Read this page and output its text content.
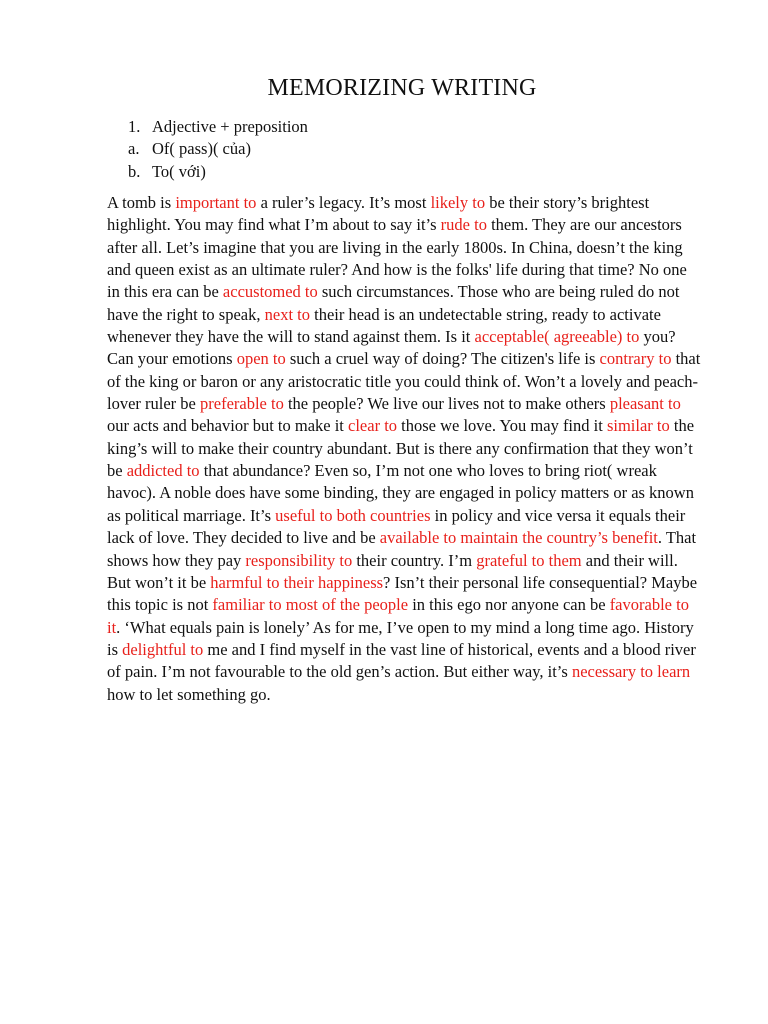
MEMORIZING WRITING
1. Adjective + preposition
a. Of( pass)( của)
b. To( với)

A tomb is important to a ruler’s legacy. It’s most likely to be their story’s brightest highlight. You may find what I’m about to say it’s rude to them. They are our ancestors after all. Let’s imagine that you are living in the early 1800s. In China, doesn’t the king and queen exist as an ultimate ruler? And how is the folks' life during that time? No one in this era can be accustomed to such circumstances. Those who are being ruled do not have the right to speak, next to their head is an undetectable string, ready to activate whenever they have the will to stand against them. Is it acceptable( agreeable) to you? Can your emotions open to such a cruel way of doing? The citizen's life is contrary to that of the king or baron or any aristocratic title you could think of. Won’t a lovely and peach-lover ruler be preferable to the people? We live our lives not to make others pleasant to our acts and behavior but to make it clear to those we love. You may find it similar to the king’s will to make their country abundant. But is there any confirmation that they won’t be addicted to that abundance? Even so, I’m not one who loves to bring riot( wreak havoc). A noble does have some binding, they are engaged in policy matters or as known as political marriage. It’s useful to both countries in policy and vice versa it equals their lack of love. They decided to live and be available to maintain the country’s benefit. That shows how they pay responsibility to their country. I’m grateful to them and their will. But won’t it be harmful to their happiness? Isn’t their personal life consequential? Maybe this topic is not familiar to most of the people in this ego nor anyone can be favorable to it. ‘What equals pain is lonely’ As for me, I’ve open to my mind a long time ago. History is delightful to me and I find myself in the vast line of historical, events and a blood river of pain. I’m not favourable to the old gen’s action. But either way, it’s necessary to learn how to let something go.
